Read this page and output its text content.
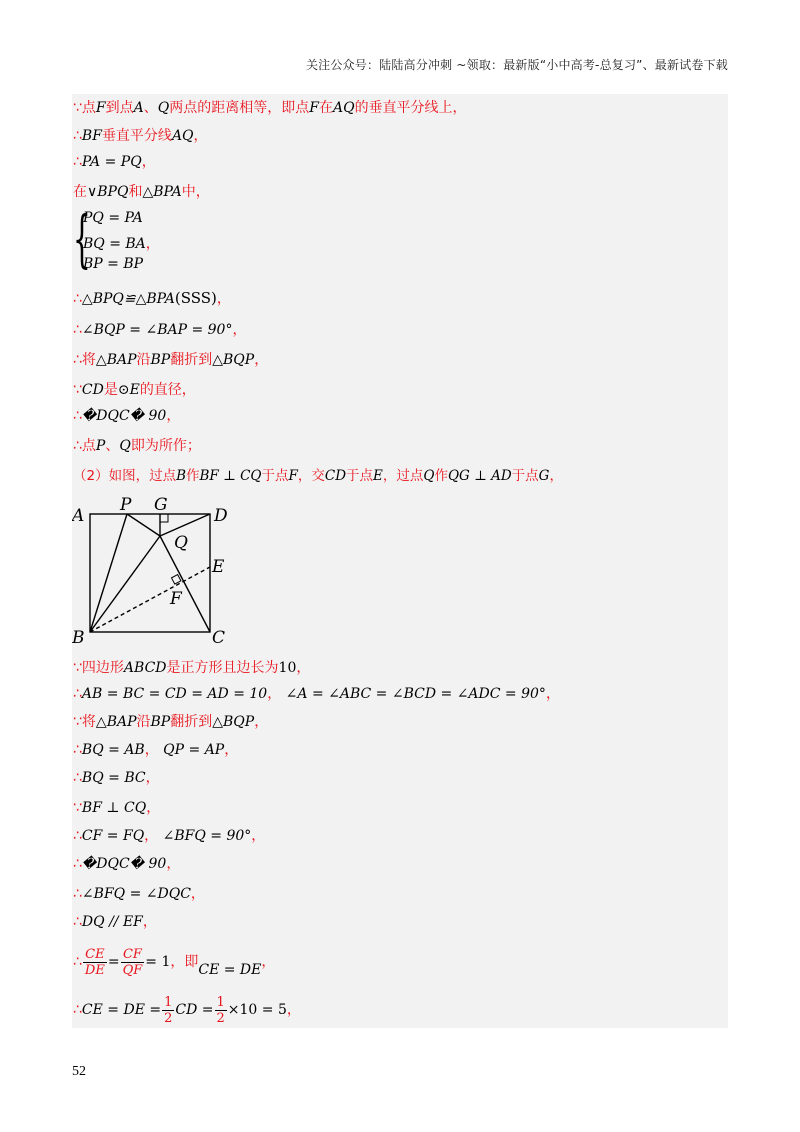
关注公众号：陆陆高分冲刺 ~领取：最新版“小中高考-总复习”、最新试卷下载
∵点F到点A、Q两点的距离相等，即点F在AQ的垂直平分线上，
∴BF垂直平分线AQ，
∴PA = PQ，
在∨BPQ和△BPA中，
{
PQ = PA
BQ = BA，
BP = BP
∴△BPQ≌△BPA(SSS)，
∴∠BQP = ∠BAP = 90°，
∴将△BAP沿BP翻折到△BQP，
∵CD是⊙E的直径，
∴�DQC� 90，
∴点P、Q即为所作；
（2）如图，过点B作BF ⊥ CQ于点F，交CD于点E，过点Q作QG ⊥ AD于点G，
A
P G
D
Q
E
F
B	C
∵四边形ABCD是正方形且边长为10，
∴AB = BC = CD = AD = 10， ∠A = ∠ABC = ∠BCD = ∠ADC = 90°，
∵将△BAP沿BP翻折到△BQP，
∴BQ = AB， QP = AP，
∴BQ = BC，
∵BF ⊥ CQ，
∴CF = FQ， ∠BFQ = 90°，
∴�DQC� 90，
∴∠BFQ = ∠DQC，
∴DQ // EF，
∴ $\frac{CE}{DE} = \frac{CF}{QF} = 1$，即CE = DE，
∴CE = DE = $\frac{1}{2}$ CD = $\frac{1}{2} \times 10 = 5$，
52
